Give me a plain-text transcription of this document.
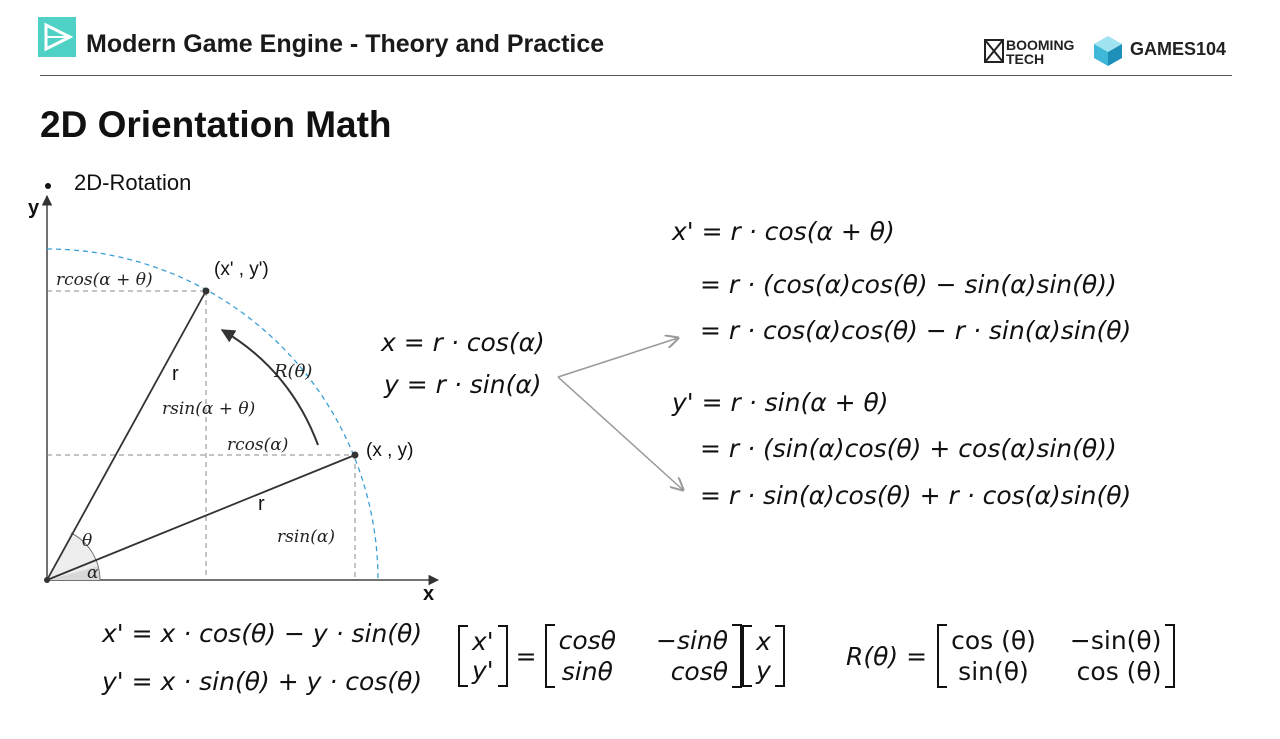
Modern Game Engine - Theory and Practice	BOOMING
TECH	GAMES104
2D Orientation Math
2D-Rotation
y
x
(x' , y')
(x , y)
r
r
R(θ)
rcos(α + θ)
rsin(α + θ)
rcos(α)
rsin(α)
θ
α
x = r · cos(α)
y = r · sin(α)
x' = r · cos(α + θ)
= r · (cos(α)cos(θ) − sin(α)sin(θ))
= r · cos(α)cos(θ) − r · sin(α)sin(θ)
y' = r · sin(α + θ)
= r · (sin(α)cos(θ) + cos(α)sin(θ))
= r · sin(α)cos(θ) + r · cos(α)sin(θ)
x' = x · cos(θ) − y · sin(θ)
y' = x · sin(θ) + y · cos(θ)
x'
y' =
cosθ −sinθ
sinθ	cosθ
x
y	R(θ) =
cos (θ) −sin(θ)
sin(θ) cos (θ)
